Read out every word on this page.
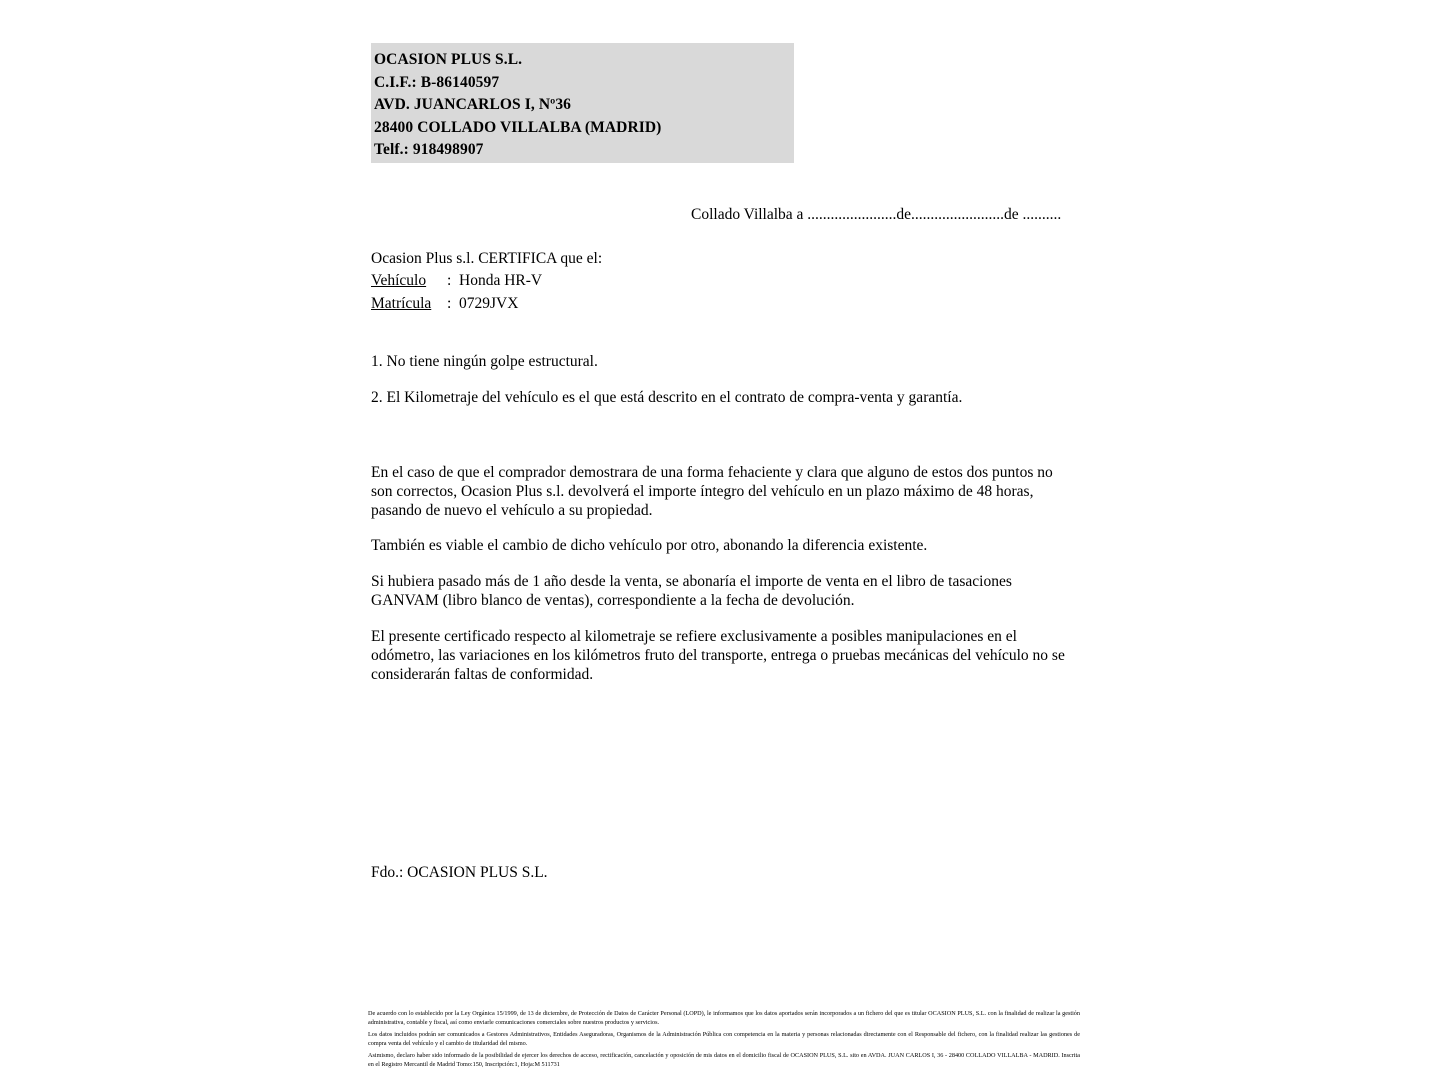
OCASION PLUS S.L.
C.I.F.: B-86140597
AVD. JUANCARLOS I, Nº36
28400 COLLADO VILLALBA (MADRID)
Telf.: 918498907
Collado Villalba a .......................de........................de ..........
Ocasion Plus s.l. CERTIFICA que el:
Vehículo : Honda HR-V
Matrícula : 0729JVX
1. No tiene ningún golpe estructural.
2. El Kilometraje del vehículo es el que está descrito en el contrato de compra-venta y garantía.
En el caso de que el comprador demostrara de una forma fehaciente y clara que alguno de estos dos puntos no son correctos, Ocasion Plus s.l. devolverá el importe íntegro del vehículo en un plazo máximo de 48 horas, pasando de nuevo el vehículo a su propiedad.
También es viable el cambio de dicho vehículo por otro, abonando la diferencia existente.
Si hubiera pasado más de 1 año desde la venta, se abonaría el importe de venta en el libro de tasaciones GANVAM (libro blanco de ventas), correspondiente a la fecha de devolución.
El presente certificado respecto al kilometraje se refiere exclusivamente a posibles manipulaciones en el odómetro, las variaciones en los kilómetros fruto del transporte, entrega o pruebas mecánicas del vehículo no se considerarán faltas de conformidad.
Fdo.: OCASION PLUS S.L.

De acuerdo con lo establecido por la Ley Orgánica 15/1999, de 13 de diciembre, de Protección de Datos de Carácter Personal (LOPD), le informamos que los datos aportados serán incorporados a un fichero del que es titular OCASION PLUS, S.L. con la finalidad de realizar la gestión administrativa, contable y fiscal, así como enviarle comunicaciones comerciales sobre nuestros productos y servicios.

Los datos incluidos podrán ser comunicados a Gestores Administrativos, Entidades Aseguradoras, Organismos de la Administración Pública con competencia en la materia y personas relacionadas directamente con el Responsable del fichero, con la finalidad realizar las gestiones de compra venta del vehículo y el cambio de titularidad del mismo.

Asimismo, declaro haber sido informado de la posibilidad de ejercer los derechos de acceso, rectificación, cancelación y oposición de mis datos en el domicilio fiscal de OCASION PLUS, S.L. sito en AVDA. JUAN CARLOS I, 36 - 28400 COLLADO VILLALBA - MADRID. Inscrita en el Registro Mercantil de Madrid Tomo:150, Inscripción:1, Hoja:M 511731
